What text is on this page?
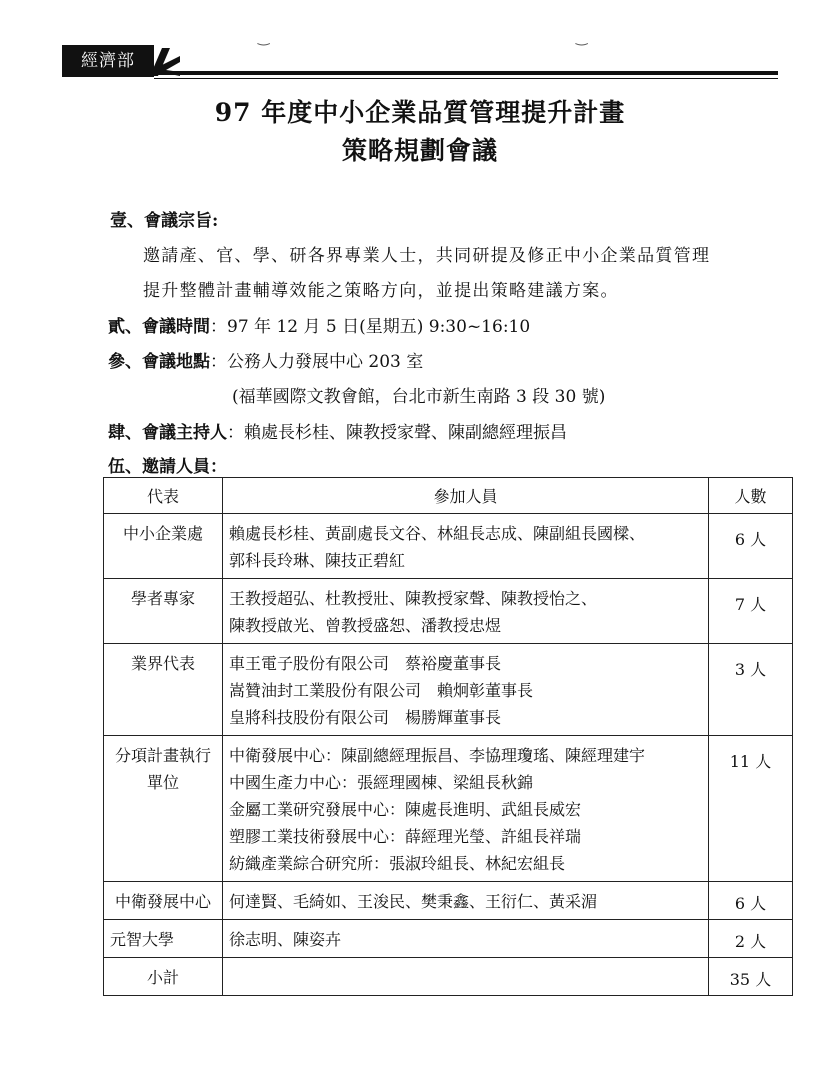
‿	‿
經濟部
97 年度中小企業品質管理提升計畫
策略規劃會議
壹、會議宗旨:
邀請產、官、學、研各界專業人士，共同研提及修正中小企業品質管理
提升整體計畫輔導效能之策略方向，並提出策略建議方案。
貳、會議時間：97 年 12 月 5 日(星期五) 9:30~16:10
參、會議地點：公務人力發展中心 203 室
(福華國際文教會館，台北市新生南路 3 段 30 號)
肆、會議主持人：賴處長杉桂、陳教授家聲、陳副總經理振昌
伍、邀請人員：
代表	參加人員	人數
中小企業處	賴處長杉桂、黃副處長文谷、林組長志成、陳副組長國樑、
郭科長玲琳、陳技正碧紅	6 人
學者專家	王教授超弘、杜教授壯、陳教授家聲、陳教授怡之、
陳教授啟光、曾教授盛恕、潘教授忠煜	7 人
業界代表	車王電子股份有限公司　蔡裕慶董事長
嵩贊油封工業股份有限公司　賴炯彰董事長
皇將科技股份有限公司　楊勝輝董事長	3 人
分項計畫執行
單位	中衛發展中心：陳副總經理振昌、李協理瓊瑤、陳經理建宇
中國生產力中心：張經理國棟、梁組長秋錦
金屬工業研究發展中心：陳處長進明、武組長威宏
塑膠工業技術發展中心：薛經理光瑩、許組長祥瑞
紡織產業綜合研究所：張淑玲組長、林紀宏組長	11 人
中衛發展中心	何達賢、毛綺如、王浚民、樊秉鑫、王衍仁、黃采湄	6 人
元智大學	徐志明、陳姿卉	2 人
小計		35 人
